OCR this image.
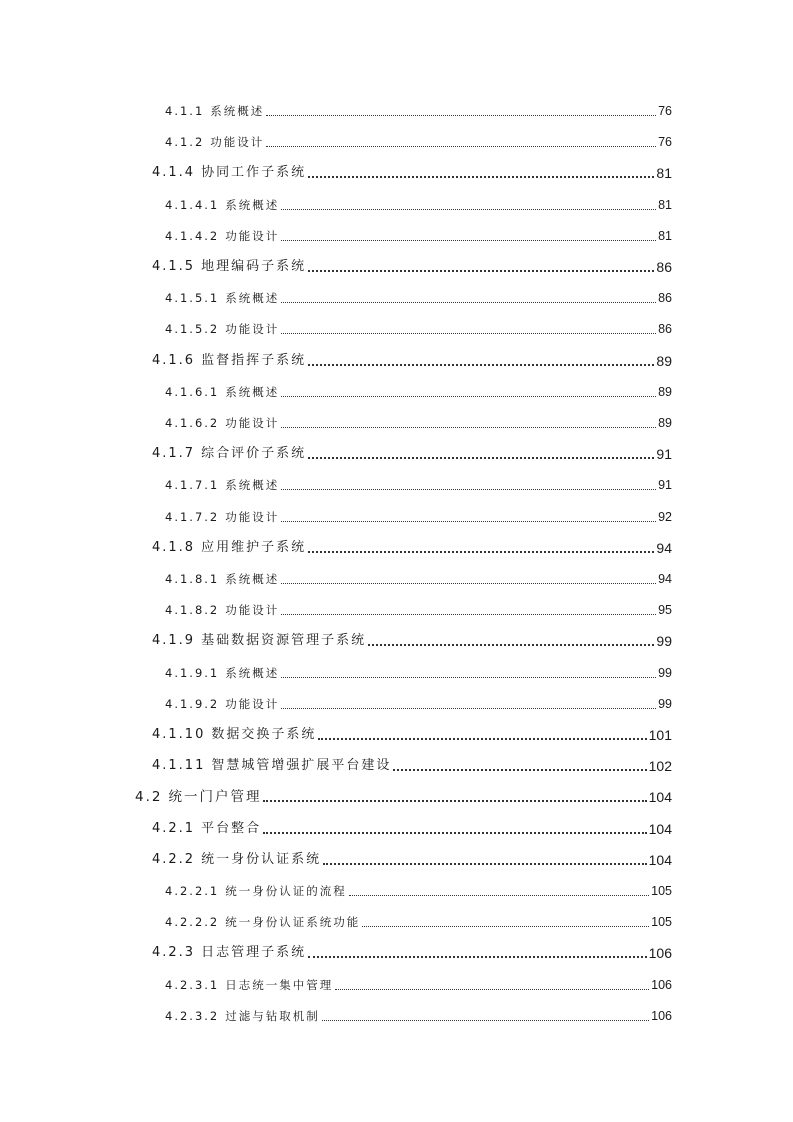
4.1.1 系统概述	76
4.1.2 功能设计	76
4.1.4 协同工作子系统	81
4.1.4.1 系统概述	81
4.1.4.2 功能设计	81
4.1.5 地理编码子系统	86
4.1.5.1 系统概述	86
4.1.5.2 功能设计	86
4.1.6 监督指挥子系统	89
4.1.6.1 系统概述	89
4.1.6.2 功能设计	89
4.1.7 综合评价子系统	91
4.1.7.1 系统概述	91
4.1.7.2 功能设计	92
4.1.8 应用维护子系统	94
4.1.8.1 系统概述	94
4.1.8.2 功能设计	95
4.1.9 基础数据资源管理子系统	99
4.1.9.1 系统概述	99
4.1.9.2 功能设计	99
4.1.10 数据交换子系统	101
4.1.11 智慧城管增强扩展平台建设	102
4.2 统一门户管理	104
4.2.1 平台整合	104
4.2.2 统一身份认证系统	104
4.2.2.1 统一身份认证的流程	105
4.2.2.2 统一身份认证系统功能	105
4.2.3 日志管理子系统	106
4.2.3.1 日志统一集中管理	106
4.2.3.2 过滤与钻取机制	106
